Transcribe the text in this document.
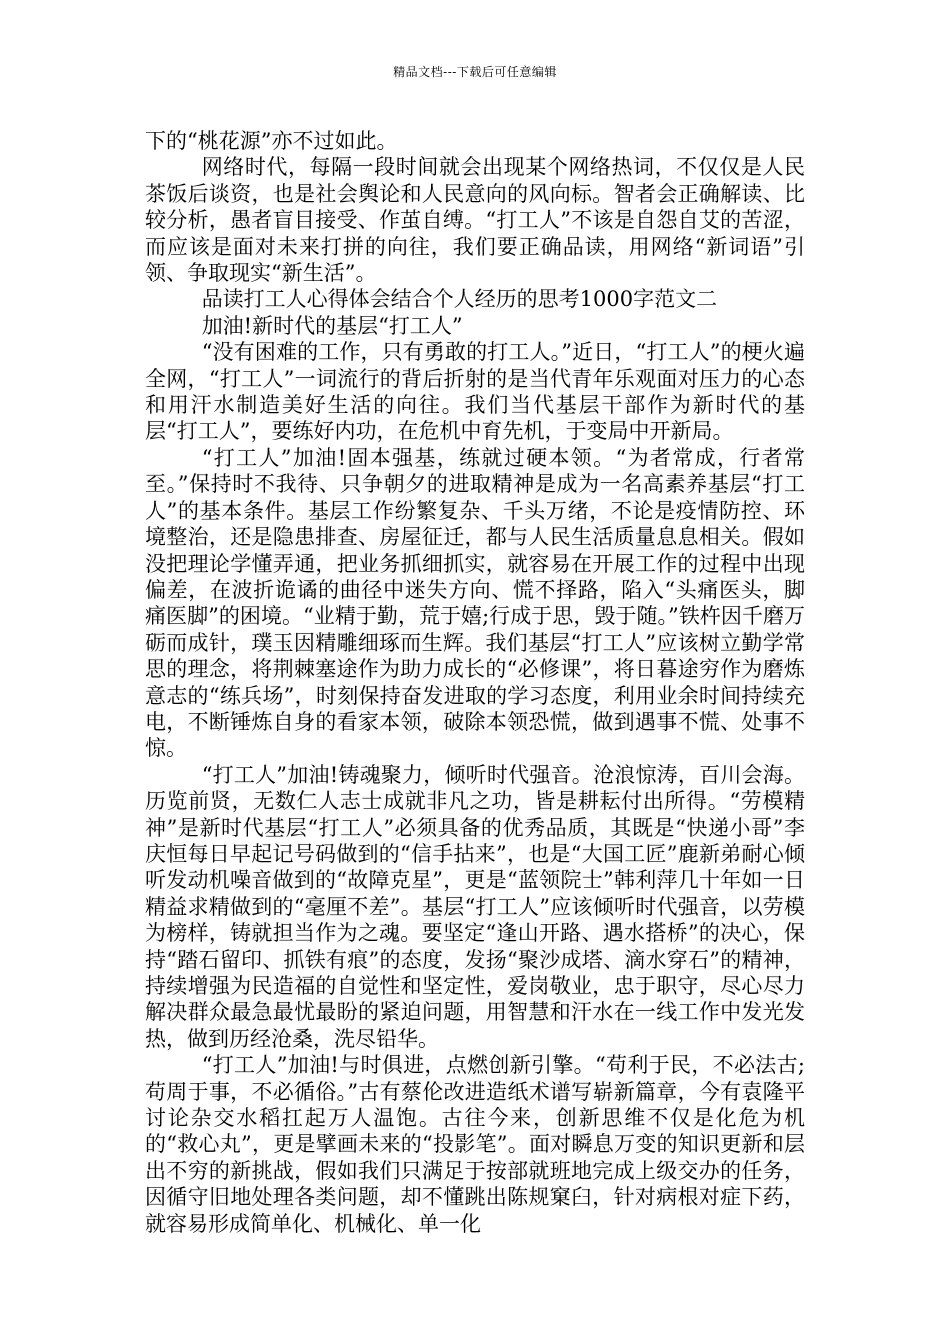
精品文档---下载后可任意编辑

下的“桃花源”亦不过如此。

网络时代，每隔一段时间就会出现某个网络热词，不仅仅是人民茶饭后谈资，也是社会舆论和人民意向的风向标。智者会正确解读、比较分析，愚者盲目接受、作茧自缚。“打工人”不该是自怨自艾的苦涩，而应该是面对未来打拼的向往，我们要正确品读，用网络“新词语”引领、争取现实“新生活”。

品读打工人心得体会结合个人经历的思考1000字范文二

加油!新时代的基层“打工人”

“没有困难的工作，只有勇敢的打工人。”近日，“打工人”的梗火遍全网，“打工人”一词流行的背后折射的是当代青年乐观面对压力的心态和用汗水制造美好生活的向往。我们当代基层干部作为新时代的基层“打工人”，要练好内功，在危机中育先机，于变局中开新局。

“打工人”加油!固本强基，练就过硬本领。“为者常成，行者常至。”保持时不我待、只争朝夕的进取精神是成为一名高素养基层“打工人”的基本条件。基层工作纷繁复杂、千头万绪，不论是疫情防控、环境整治，还是隐患排查、房屋征迁，都与人民生活质量息息相关。假如没把理论学懂弄通，把业务抓细抓实，就容易在开展工作的过程中出现偏差，在波折诡谲的曲径中迷失方向、慌不择路，陷入“头痛医头，脚痛医脚”的困境。“业精于勤，荒于嬉;行成于思，毁于随。”铁杵因千磨万砺而成针，璞玉因精雕细琢而生辉。我们基层“打工人”应该树立勤学常思的理念，将荆棘塞途作为助力成长的“必修课”，将日暮途穷作为磨炼意志的“练兵场”，时刻保持奋发进取的学习态度，利用业余时间持续充电，不断锤炼自身的看家本领，破除本领恐慌，做到遇事不慌、处事不惊。

“打工人”加油!铸魂聚力，倾听时代强音。沧浪惊涛，百川会海。历览前贤，无数仁人志士成就非凡之功，皆是耕耘付出所得。“劳模精神”是新时代基层“打工人”必须具备的优秀品质，其既是“快递小哥”李庆恒每日早起记号码做到的“信手拈来”，也是“大国工匠”鹿新弟耐心倾听发动机噪音做到的“故障克星”，更是“蓝领院士”韩利萍几十年如一日精益求精做到的“毫厘不差”。基层“打工人”应该倾听时代强音，以劳模为榜样，铸就担当作为之魂。要坚定“逢山开路、遇水搭桥”的决心，保持“踏石留印、抓铁有痕”的态度，发扬“聚沙成塔、滴水穿石”的精神，持续增强为民造福的自觉性和坚定性，爱岗敬业，忠于职守，尽心尽力解决群众最急最忧最盼的紧迫问题，用智慧和汗水在一线工作中发光发热，做到历经沧桑，洗尽铅华。

“打工人”加油!与时俱进，点燃创新引擎。“苟利于民，不必法古;苟周于事，不必循俗。”古有蔡伦改进造纸术谱写崭新篇章，今有袁隆平讨论杂交水稻扛起万人温饱。古往今来，创新思维不仅是化危为机的“救心丸”，更是擘画未来的“投影笔”。面对瞬息万变的知识更新和层出不穷的新挑战，假如我们只满足于按部就班地完成上级交办的任务，因循守旧地处理各类问题，却不懂跳出陈规窠臼，针对病根对症下药，就容易形成简单化、机械化、单一化
